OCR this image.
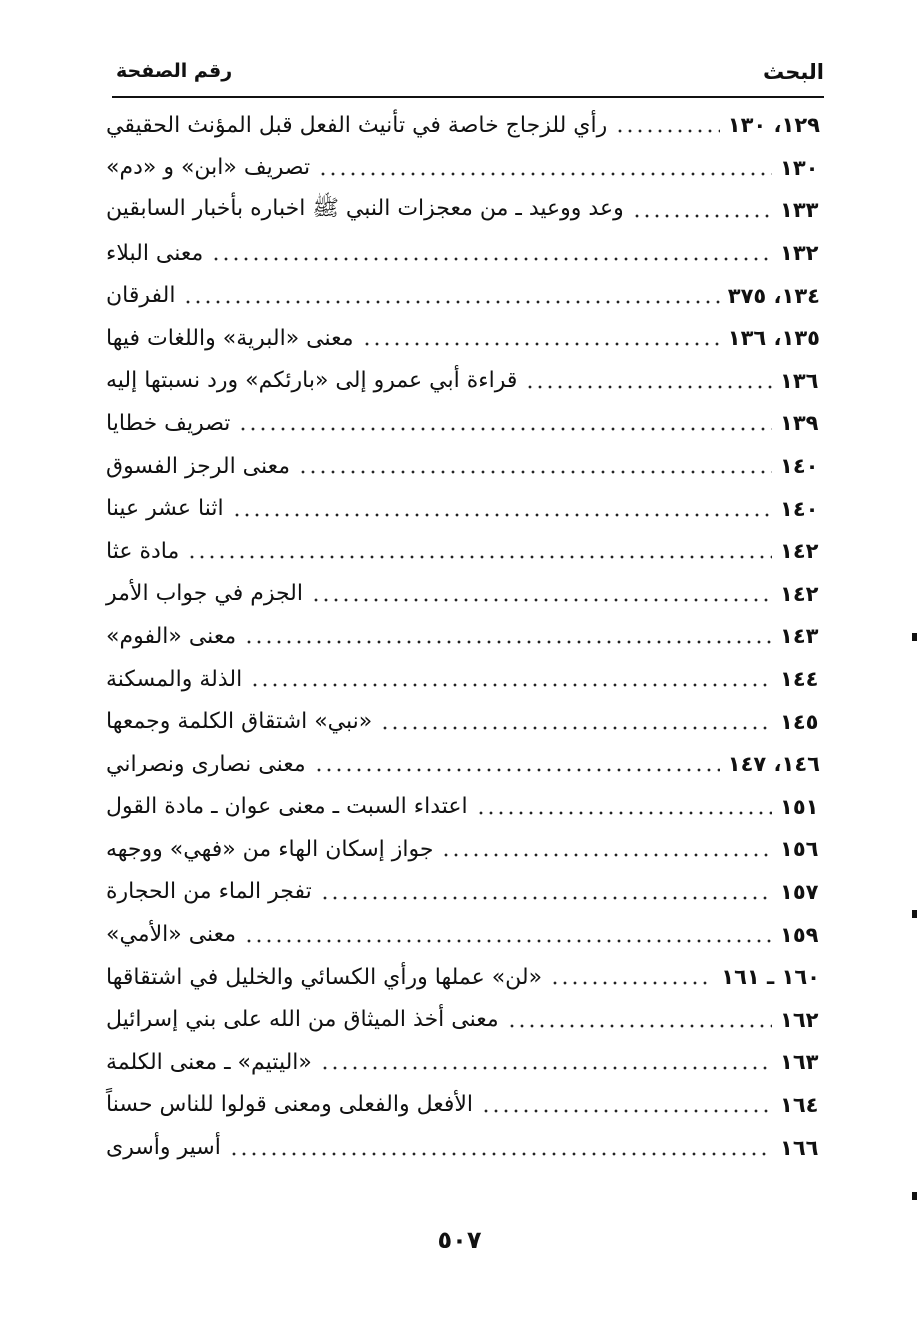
البحث
رقم الصفحة
رأي للزجاج خاصة في تأنيث الفعل قبل المؤنث الحقيقي	١٢٩، ١٣٠
تصريف «ابن» و «دم»	١٣٠
وعد ووعيد ـ من معجزات النبي ﷺ اخباره بأخبار السابقين	١٣٣
معنى البلاء	١٣٢
الفرقان	١٣٤، ٣٧٥
معنى «البرية» واللغات فيها	١٣٥، ١٣٦
قراءة أبي عمرو إلى «بارئكم» ورد نسبتها إليه	١٣٦
تصريف خطايا	١٣٩
معنى الرجز الفسوق	١٤٠
اثنا عشر عينا	١٤٠
مادة عثا	١٤٢
الجزم في جواب الأمر	١٤٢
معنى «الفوم»	١٤٣
الذلة والمسكنة	١٤٤
«نبي» اشتقاق الكلمة وجمعها	١٤٥
معنى نصارى ونصراني	١٤٦، ١٤٧
اعتداء السبت ـ معنى عوان ـ مادة القول	١٥١
جواز إسكان الهاء من «فهي» ووجهه	١٥٦
تفجر الماء من الحجارة	١٥٧
معنى «الأمي»	١٥٩
«لن» عملها ورأي الكسائي والخليل في اشتقاقها	١٦٠ ـ ١٦١
معنى أخذ الميثاق من الله على بني إسرائيل	١٦٢
«اليتيم» ـ معنى الكلمة	١٦٣
الأفعل والفعلى ومعنى قولوا للناس حسناً	١٦٤
أسير وأسرى	١٦٦
٥٠٧
